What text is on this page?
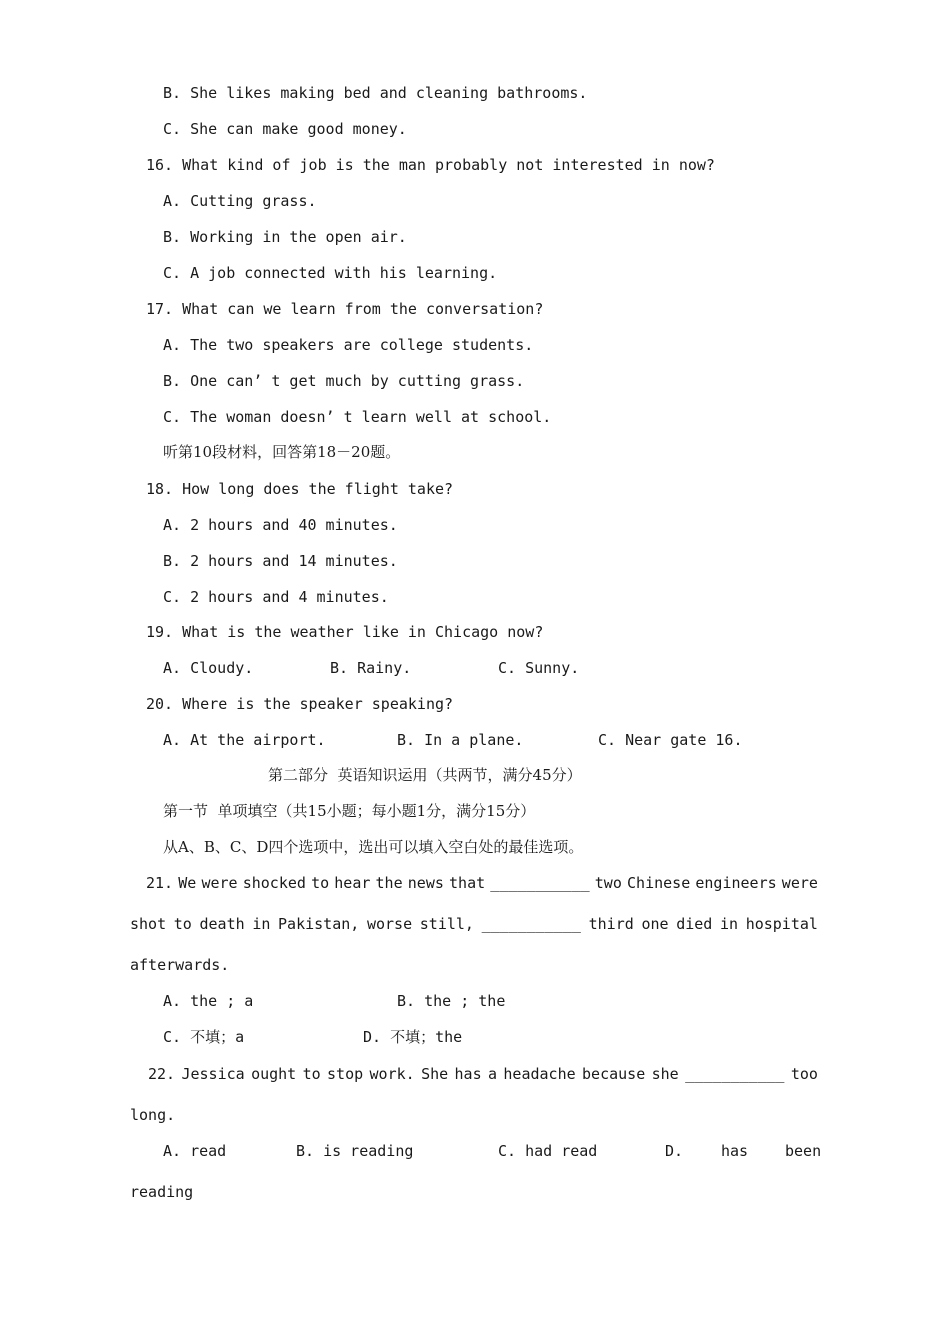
B. She likes making bed and cleaning bathrooms.
C. She can make good money.
16. What kind of job is the man probably not interested in now?
A. Cutting grass.
B. Working in the open air.
C. A job connected with his learning.
17. What can we learn from the conversation?
A. The two speakers are college students.
B. One can’ t get much by cutting grass.
C. The woman doesn’ t learn well at school.
听第10段材料，回答第18－20题。
18. How long does the flight take?
A. 2 hours and 40 minutes.
B. 2 hours and 14 minutes.
C. 2 hours and 4 minutes.
19. What is the weather like in Chicago now?

A. Cloudy.

	B. Rainy.

	C. Sunny.

20. Where is the speaker speaking?

A. At the airport.

	B. In a plane.

	C. Near gate 16.

第二部分  英语知识运用（共两节，满分45分）
第一节  单项填空（共15小题；每小题1分，满分15分）
从A、B、C、D四个选项中，选出可以填入空白处的最佳选项。
21. We were shocked to hear the news that ___________ two Chinese engineers were
shot to death in Pakistan, worse still, ___________ third one died in hospital
afterwards.

A. the ; a

	B. the ; the

C. 不填；a

	D. 不填；the

22. Jessica ought to stop work. She has a headache because she ___________ too
long.

A. read

	B. is reading

	C. had read

	D.

	has

been

reading
